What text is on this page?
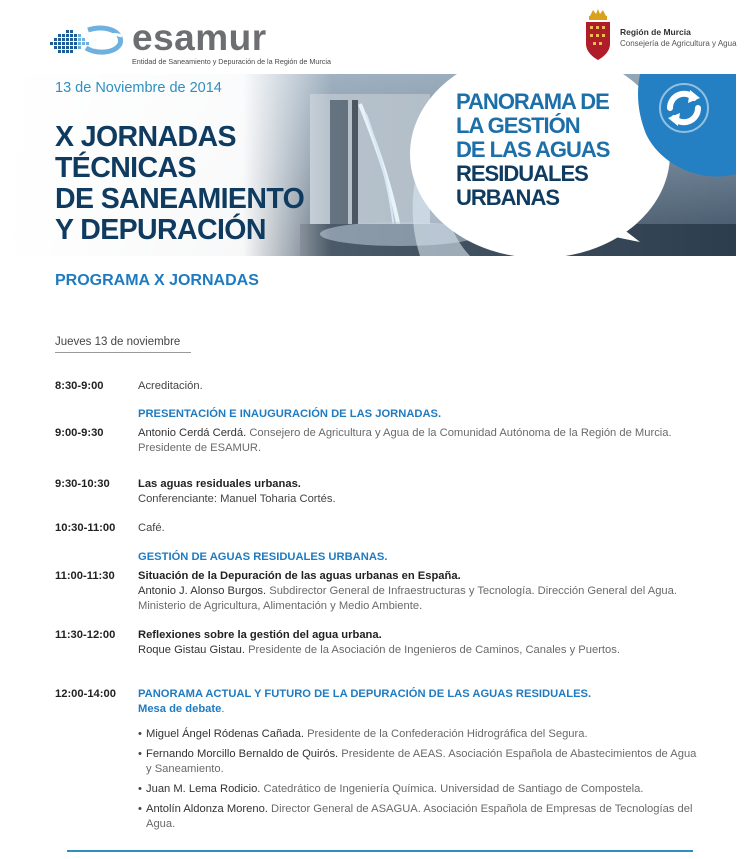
esamur
Entidad de Saneamiento y Depuración de la Región de Murcia
Región de Murcia
Consejería de Agricultura y Agua
13 de Noviembre de 2014
X JORNADAS
TÉCNICAS
DE SANEAMIENTO
Y DEPURACIÓN
PANORAMA DE
LA GESTIÓN
DE LAS AGUAS
RESIDUALES
URBANAS
PROGRAMA X JORNADAS
Jueves 13 de noviembre
8:30-9:00	Acreditación.
PRESENTACIÓN E INAUGURACIÓN DE LAS JORNADAS.
9:00-9:30	Antonio Cerdá Cerdá. Consejero de Agricultura y Agua de la Comunidad Autónoma de la Región de Murcia. Presidente de ESAMUR.
9:30-10:30	Las aguas residuales urbanas.
Conferenciante: Manuel Toharia Cortés.
10:30-11:00	Café.
GESTIÓN DE AGUAS RESIDUALES URBANAS.
11:00-11:30	Situación de la Depuración de las aguas urbanas en España.
Antonio J. Alonso Burgos. Subdirector General de Infraestructuras y Tecnología. Dirección General del Agua. Ministerio de Agricultura, Alimentación y Medio Ambiente.
11:30-12:00	Reflexiones sobre la gestión del agua urbana.
Roque Gistau Gistau. Presidente de la Asociación de Ingenieros de Caminos, Canales y Puertos.
12:00-14:00	PANORAMA ACTUAL Y FUTURO DE LA DEPURACIÓN DE LAS AGUAS RESIDUALES.
Mesa de debate.
• Miguel Ángel Ródenas Cañada. Presidente de la Confederación Hidrográfica del Segura.
• Fernando Morcillo Bernaldo de Quirós. Presidente de AEAS. Asociación Española de Abastecimientos de Agua y Saneamiento.
• Juan M. Lema Rodicio. Catedrático de Ingeniería Química. Universidad de Santiago de Compostela.
• Antolín Aldonza Moreno. Director General de ASAGUA. Asociación Española de Empresas de Tecnologías del Agua.
